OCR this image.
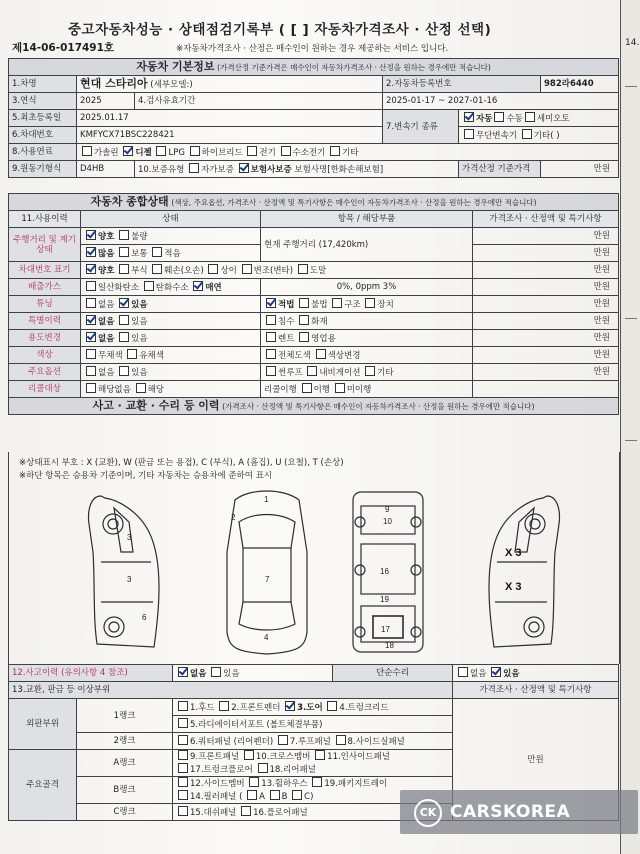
중고자동차성능 · 상태점검기록부 ( [ ] 자동차가격조사 · 산정 선택)
제14-06-017491호	※자동차가격조사 · 산정은 매수인이 원하는 경우 제공하는 서비스 입니다.
자동차 기본정보 (가격산정 기준가격은 매수인이 자동차가격조사 · 산정을 원하는 경우에만 적습니다)					
1.차명	현대 스타리아 (세부모델:)		2.자동차등록번호		982라6440
3.연식	2025	4.검사유효기간	2025-01-17 ~ 2027-01-16		
5.최초등록일	2025.01.17		7.변속기 종류	자동 수동 세미오토	
6.차대번호	KMFYCX71BSC228421			무단변속기 기타( )	
8.사용연료	가솔린 디젤 LPG 하이브리드 전기 수소전기 기타				
9.원동기형식	D4HB	10.보증유형 자가보증 보험사보증 보험사명[한화손해보험]		가격산정 기준가격	만원
자동차 종합상태 (색상, 주요옵션, 가격조사 · 산정액 및 특기사항은 매수인이 자동차가격조사 · 산정을 원하는 경우에만 적습니다)			
11.사용이력	상태	항목 / 해당부품	가격조사 · 산정액 및 특기사항
주행거리 및 계기상태	양호 불량	현재 주행거리 (17,420km)	만원
	많음 보통 적음		만원
차대번호 표기	양호 부식 훼손(오손) 상이 변조(변타) 도말		만원
배출가스	일산화탄소 탄화수소 매연	0%, 0ppm 3%	만원
튜닝	없음 있음	적법 불법 구조 장치	만원
특별이력	없음 있음	침수 화재	만원
용도변경	없음 있음	렌트 영업용	만원
색상	무채색 유채색	전체도색 색상변경	만원
주요옵션	없음 있음	썬루프 내비게이션 기타	만원
리콜대상	해당없음 해당	리콜이행 이행 미이행	
사고 · 교환 · 수리 등 이력 (가격조사 · 산정액 및 특기사항은 매수인이 자동차가격조사 · 산정을 원하는 경우에만 적습니다)			
※상태표시 부호 : X (교환), W (판금 또는 용접), C (부식), A (흠집), U (요철), T (손상)
※하단 항목은 승용차 기준이며, 기타 자동차는 승용차에 준하여 표시
3
3
6
1
2
7
4
9
10
16
19
17
18
X 3
X 3
12.사고이력 (유의사항 4 참조)		없음 있음	단순수리	없음 있음
13.교환, 판금 등 이상부위				가격조사 · 산정액 및 특기사항
외판부위	1랭크	1.후드 2.프론트펜더 3.도어 4.트렁크리드		만원
		5.라디에이터서포트 (볼트체결부품)		
	2랭크	6.쿼터패널 (리어펜더) 7.루프패널 8.사이드실패널		
주요골격	A랭크	9.프론트패널 10.크로스멤버 11.인사이드패널
17.트렁크플로어 18.리어패널		
	B랭크	12.사이드멤버 13.휠하우스 19.패키지트레이
14.필러패널 ( A B C)		
	C랭크	15.대쉬패널 16.플로어패널		
14.
CK CARSKOREA
